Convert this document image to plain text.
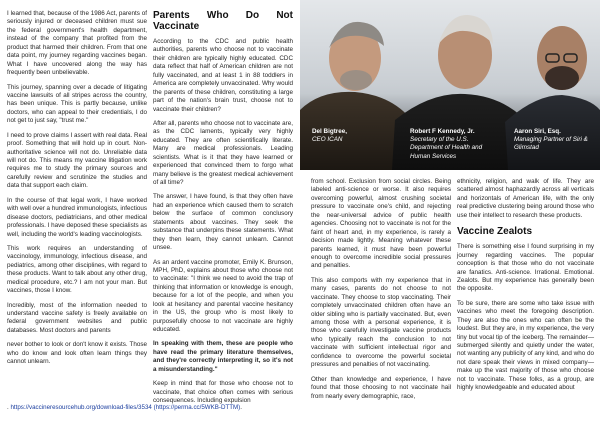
I learned that, because of the 1986 Act, parents of seriously injured or deceased children must sue the federal government's health department, instead of the company that profited from the product that harmed their children. From that one data point, my journey regarding vaccines began. What I have uncovered along the way has frequently been unbelievable.

This journey, spanning over a decade of litigating vaccine lawsuits of all stripes across the country, has been unique. This is partly because, unlike doctors, who can appeal to their credentials, I do not get to just say, "trust me."

I need to prove claims I assert with real data. Real proof. Something that will hold up in court. Non-authoritative science will not do. Unreliable data will not do. This means my vaccine litigation work requires me to study the primary sources and carefully review and scrutinize the studies and data that support each claim.

In the course of that legal work, I have worked with well over a hundred immunologists, infectious disease doctors, pediatricians, and other medical professionals. I have deposed these specialists as well, including the world's leading vaccinologists.

This work requires an understanding of vaccinology, immunology, infectious disease, and pediatrics, among other disciplines, with regard to these products. Want to talk about any other drug, medical procedure, etc.? I am not your man. But vaccines, those I know.

Incredibly, most of the information needed to understand vaccine safety is freely available on federal government websites and public databases. Most doctors and parents

never bother to look or don't know it exists. Those who do know and look often learn things they cannot unlearn.

Parents Who Do Not Vaccinate

According to the CDC and public health authorities, parents who choose not to vaccinate their children are typically highly educated. CDC data reflect that half of American children are not fully vaccinated, and at least 1 in 88 toddlers in America are completely unvaccinated. Why would the parents of these children, constituting a large part of the nation's brain trust, choose not to vaccinate their children?

After all, parents who choose not to vaccinate are, as the CDC laments, typically very highly educated. They are often scientifically literate. Many are medical professionals. Leading scientists. What is it that they have learned or experienced that convinced them to forgo what many believe is the greatest medical achievement of all time?

The answer, I have found, is that they often have had an experience which caused them to scratch below the surface of common conclusory statements about vaccines. They seek the substance that underpins these statements. What they then learn, they cannot unlearn. Cannot unsee.

As an ardent vaccine promoter, Emily K. Brunson, MPH, PhD, explains about those who choose not to vaccinate: "I think we need to avoid the trap of thinking that information or knowledge is enough, because for a lot of the people, and when you look at hesitancy and parental vaccine hesitancy in the US, the group who is most likely to purposefully choose to not vaccinate are highly educated.

In speaking with them, these are people who have read the primary literature themselves, and they're correctly interpreting it, so it's not a misunderstanding."

Keep in mind that for those who choose not to vaccinate, that choice often comes with serious consequences. Including expulsion

Del Bigtree,
CEO ICAN
Robert F Kennedy, Jr.
Secretary of the U.S. Department of Health and Human Services
Aaron Siri, Esq.
Managing Partner of Siri & Glimstad

from school. Exclusion from social circles. Being labeled anti-science or worse. It also requires overcoming powerful, almost crushing societal pressure to vaccinate one's child, and rejecting the near-universal advice of public health agencies. Choosing not to vaccinate is not for the faint of heart and, in my experience, is rarely a decision made lightly. Meaning whatever these parents learned, it must have been powerful enough to overcome incredible social pressures and penalties.

This also comports with my experience that in many cases, parents do not choose to not vaccinate. They choose to stop vaccinating. Their completely unvaccinated children often have an older sibling who is partially vaccinated. But, even among those with a personal experience, it is those who carefully investigate vaccine products who typically reach the conclusion to not vaccinate with sufficient intellectual rigor and confidence to overcome the powerful societal pressures and penalties of not vaccinating.

Other than knowledge and experience, I have found that those choosing to not vaccinate hail from nearly every demographic, race,

ethnicity, religion, and walk of life. They are scattered almost haphazardly across all verticals and horizontals of American life, with the only real predictive clustering being around those who use their intellect to research these products.

Vaccine Zealots

There is something else I found surprising in my journey regarding vaccines. The popular conception is that those who do not vaccinate are fanatics. Anti-science. Irrational. Emotional. Zealots. But my experience has generally been the opposite.

To be sure, there are some who take issue with vaccines who meet the foregoing description. They are also the ones who can often be the loudest. But they are, in my experience, the very tiny but vocal tip of the iceberg. The remainder—submerged silently and quietly under the water, not wanting any publicity of any kind, and who do not dare speak their views in mixed company—make up the vast majority of those who choose not to vaccinate. These folks, as a group, are highly knowledgeable and educated about

. https://vaccineresourcehub.org/download-files/3534 (https://perma.cc/5WKB-DTTM).
